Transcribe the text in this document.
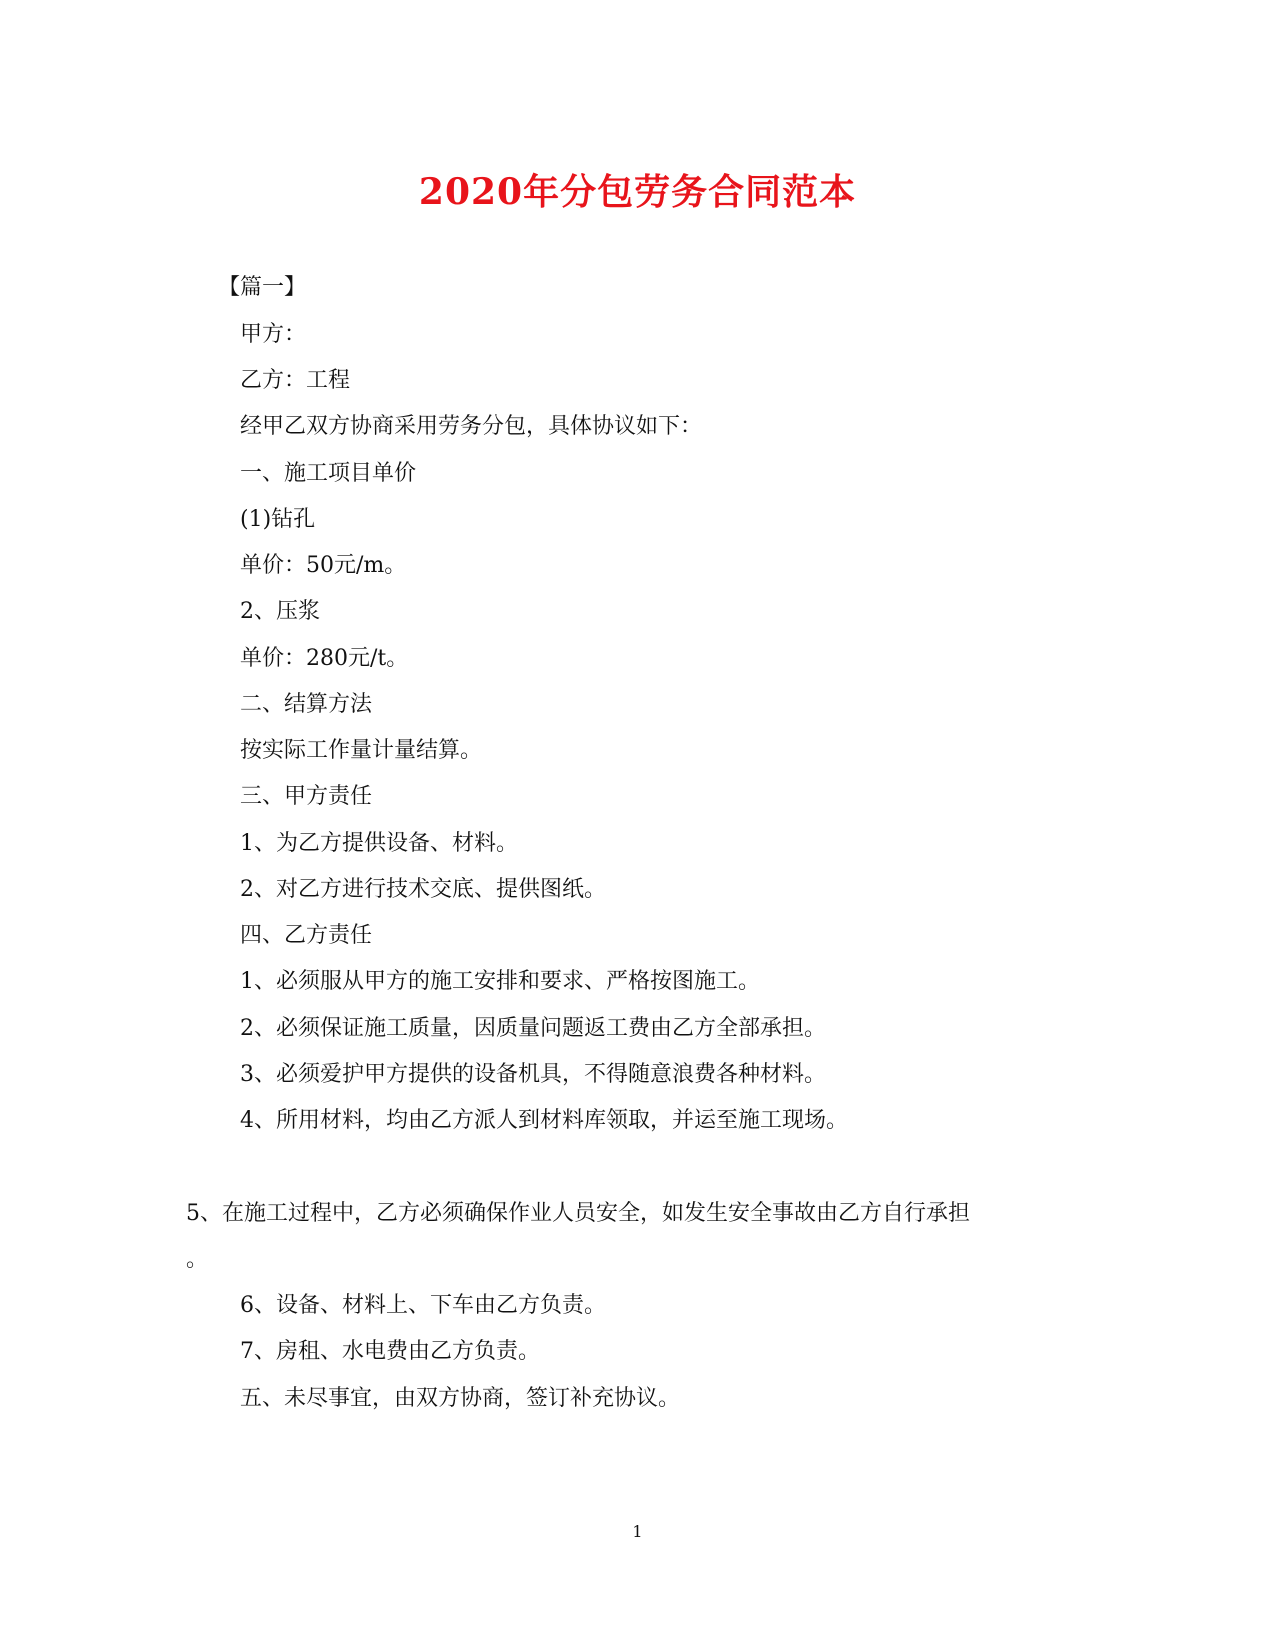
2020年分包劳务合同范本
【篇一】
甲方：
乙方：工程
经甲乙双方协商采用劳务分包，具体协议如下：
一、施工项目单价
(1)钻孔
单价：50元/m。
2、压浆
单价：280元/t。
二、结算方法
按实际工作量计量结算。
三、甲方责任
1、为乙方提供设备、材料。
2、对乙方进行技术交底、提供图纸。
四、乙方责任
1、必须服从甲方的施工安排和要求、严格按图施工。
2、必须保证施工质量，因质量问题返工费由乙方全部承担。
3、必须爱护甲方提供的设备机具，不得随意浪费各种材料。
4、所用材料，均由乙方派人到材料库领取，并运至施工现场。
5、在施工过程中，乙方必须确保作业人员安全，如发生安全事故由乙方自行承担
。
6、设备、材料上、下车由乙方负责。
7、房租、水电费由乙方负责。
五、未尽事宜，由双方协商，签订补充协议。
1
